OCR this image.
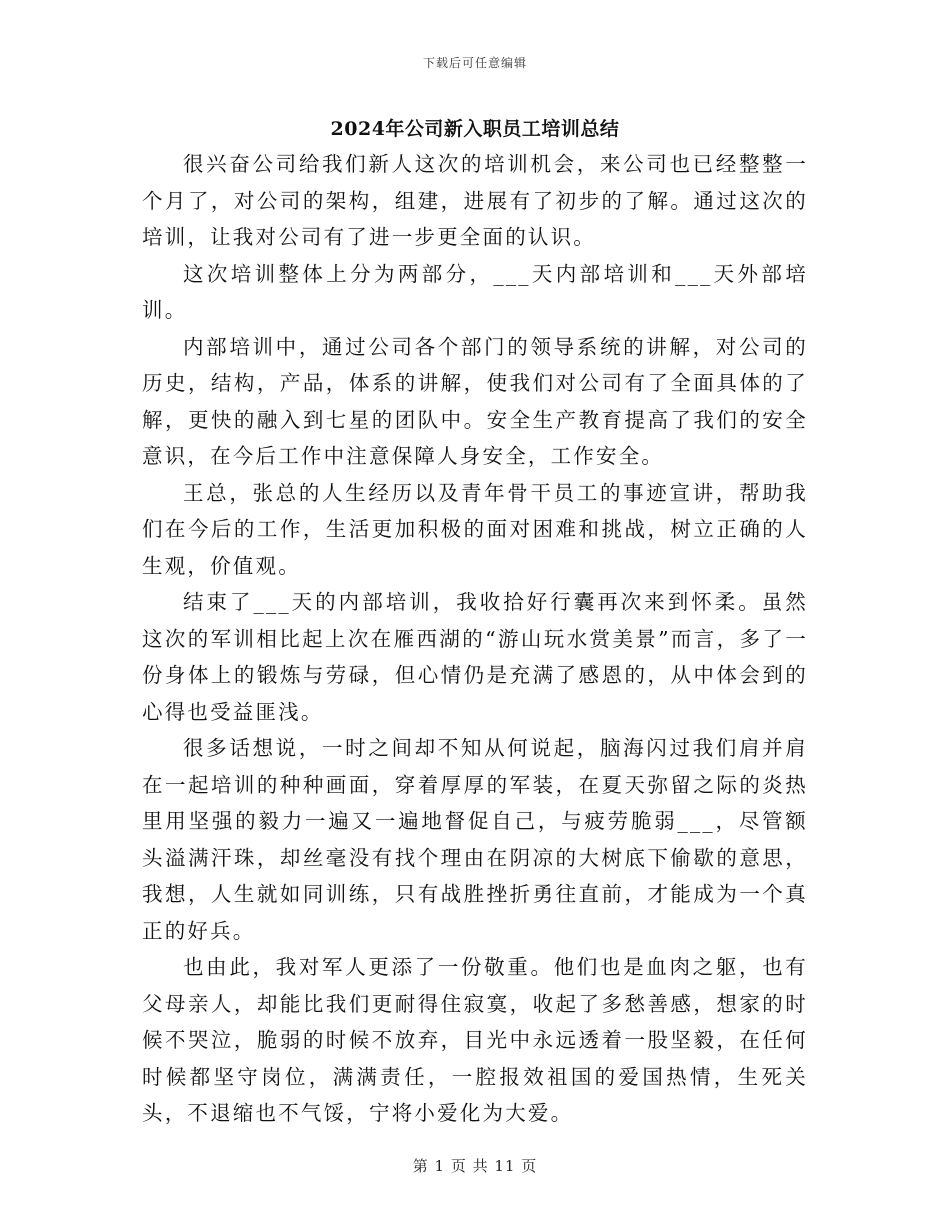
下载后可任意编辑
2024年公司新入职员工培训总结

很兴奋公司给我们新人这次的培训机会，来公司也已经整整一个月了，对公司的架构，组建，进展有了初步的了解。通过这次的培训，让我对公司有了进一步更全面的认识。

这次培训整体上分为两部分，___天内部培训和___天外部培训。

内部培训中，通过公司各个部门的领导系统的讲解，对公司的历史，结构，产品，体系的讲解，使我们对公司有了全面具体的了解，更快的融入到七星的团队中。安全生产教育提高了我们的安全意识，在今后工作中注意保障人身安全，工作安全。

王总，张总的人生经历以及青年骨干员工的事迹宣讲，帮助我们在今后的工作，生活更加积极的面对困难和挑战，树立正确的人生观，价值观。

结束了___天的内部培训，我收拾好行囊再次来到怀柔。虽然这次的军训相比起上次在雁西湖的“游山玩水赏美景”而言，多了一份身体上的锻炼与劳碌，但心情仍是充满了感恩的，从中体会到的心得也受益匪浅。

很多话想说，一时之间却不知从何说起，脑海闪过我们肩并肩在一起培训的种种画面，穿着厚厚的军装，在夏天弥留之际的炎热里用坚强的毅力一遍又一遍地督促自己，与疲劳脆弱___，尽管额头溢满汗珠，却丝毫没有找个理由在阴凉的大树底下偷歇的意思，我想，人生就如同训练，只有战胜挫折勇往直前，才能成为一个真正的好兵。

也由此，我对军人更添了一份敬重。他们也是血肉之躯，也有父母亲人，却能比我们更耐得住寂寞，收起了多愁善感，想家的时候不哭泣，脆弱的时候不放弃，目光中永远透着一股坚毅，在任何时候都坚守岗位，满满责任，一腔报效祖国的爱国热情，生死关头，不退缩也不气馁，宁将小爱化为大爱。

第 1 页 共 11 页
